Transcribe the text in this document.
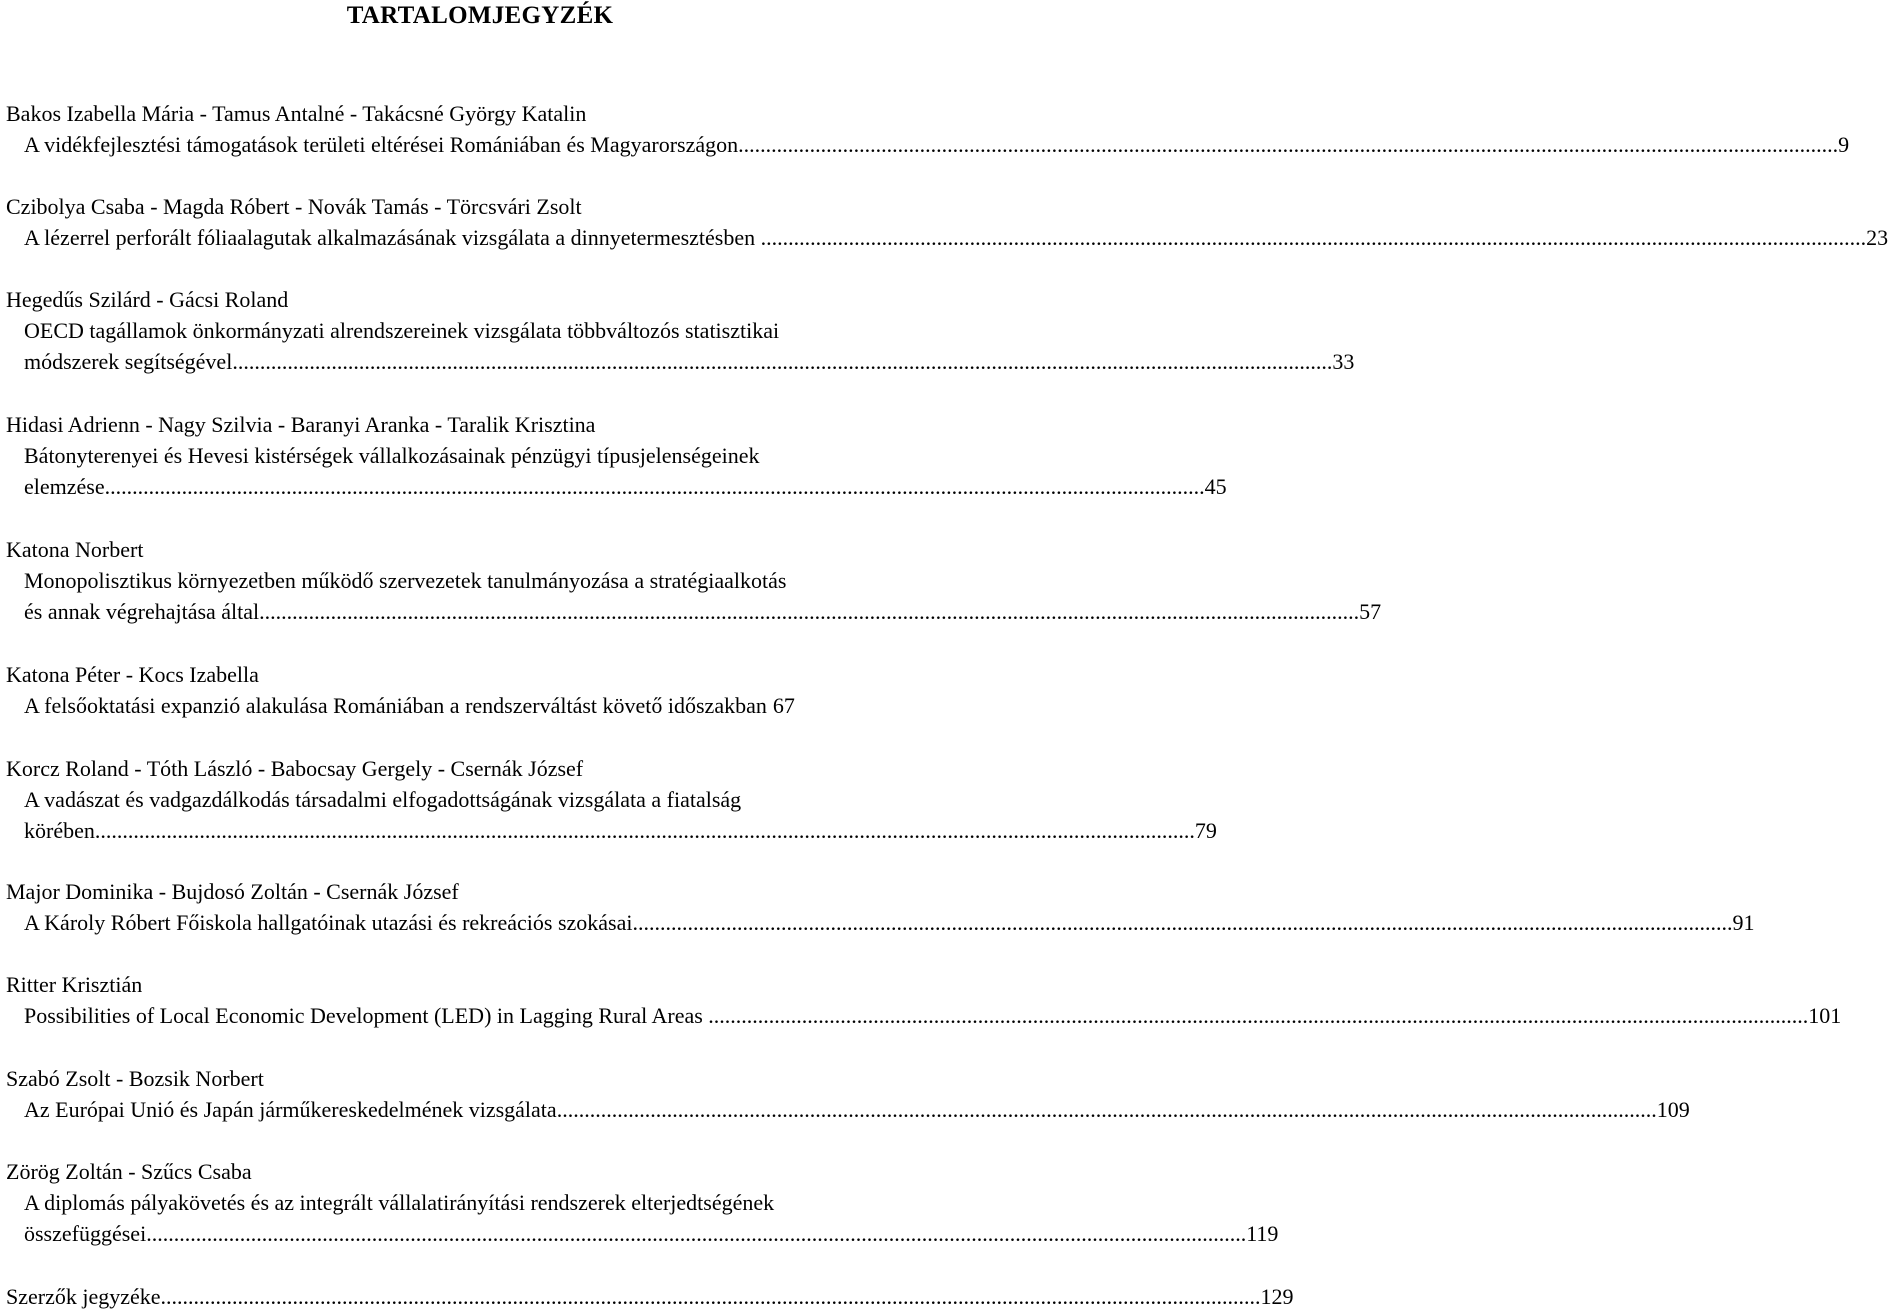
TARTALOMJEGYZÉK
Bakos Izabella Mária - Tamus Antalné - Takácsné György Katalin
A vidékfejlesztési támogatások területi eltérései Romániában és Magyarországon .....	9
Czibolya Csaba - Magda Róbert - Novák Tamás - Törcsvári Zsolt
A lézerrel perforált fóliaalagutak alkalmazásának vizsgálata a dinnyetermesztésben . .....	23
Hegedűs Szilárd - Gácsi Roland
OECD tagállamok önkormányzati alrendszereinek vizsgálata többváltozós statisztikai
módszerek segítségével .....	33
Hidasi Adrienn - Nagy Szilvia - Baranyi Aranka - Taralik Krisztina
Bátonyterenyei és Hevesi kistérségek vállalkozásainak pénzügyi típusjelenségeinek
elemzése .....	45
Katona Norbert
Monopolisztikus környezetben működő szervezetek tanulmányozása a stratégiaalkotás
és annak végrehajtása által .....	57
Katona Péter - Kocs Izabella
A felsőoktatási expanzió alakulása Romániában a rendszerváltást követő időszakban 67
Korcz Roland - Tóth László - Babocsay Gergely - Csernák József
A vadászat és vadgazdálkodás társadalmi elfogadottságának vizsgálata a fiatalság
körében .....	79
Major Dominika - Bujdosó Zoltán - Csernák József
A Károly Róbert Főiskola hallgatóinak utazási és rekreációs szokásai .....	91
Ritter Krisztián
Possibilities of Local Economic Development (LED) in Lagging Rural Areas .....	101
Szabó Zsolt - Bozsik Norbert
Az Európai Unió és Japán járműkereskedelmének vizsgálata .....	109
Zörög Zoltán - Szűcs Csaba
A diplomás pályakövetés és az integrált vállalatirányítási rendszerek elterjedtségének
összefüggései .....	119
Szerzők jegyzéke .....	129
